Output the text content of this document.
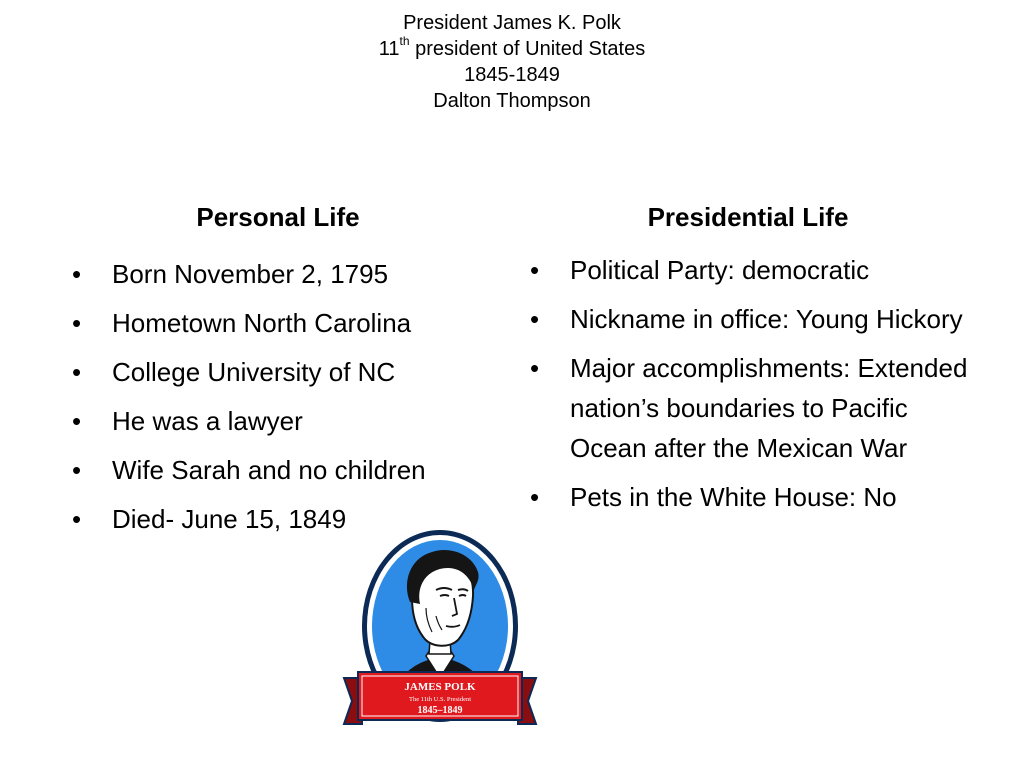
President James K. Polk
11th president of United States
1845-1849
Dalton Thompson
Personal Life	Presidential Life
• Born November 2, 1795
• Hometown North Carolina
• College University of NC
• He was a lawyer
• Wife Sarah and no children
• Died- June 15, 1849
• Political Party: democratic
• Nickname in office: Young Hickory
• Major accomplishments: Extended nation’s boundaries to Pacific Ocean after the Mexican War
• Pets in the White House: No
JAMES POLK
The 11th U.S. President
1845–1849
